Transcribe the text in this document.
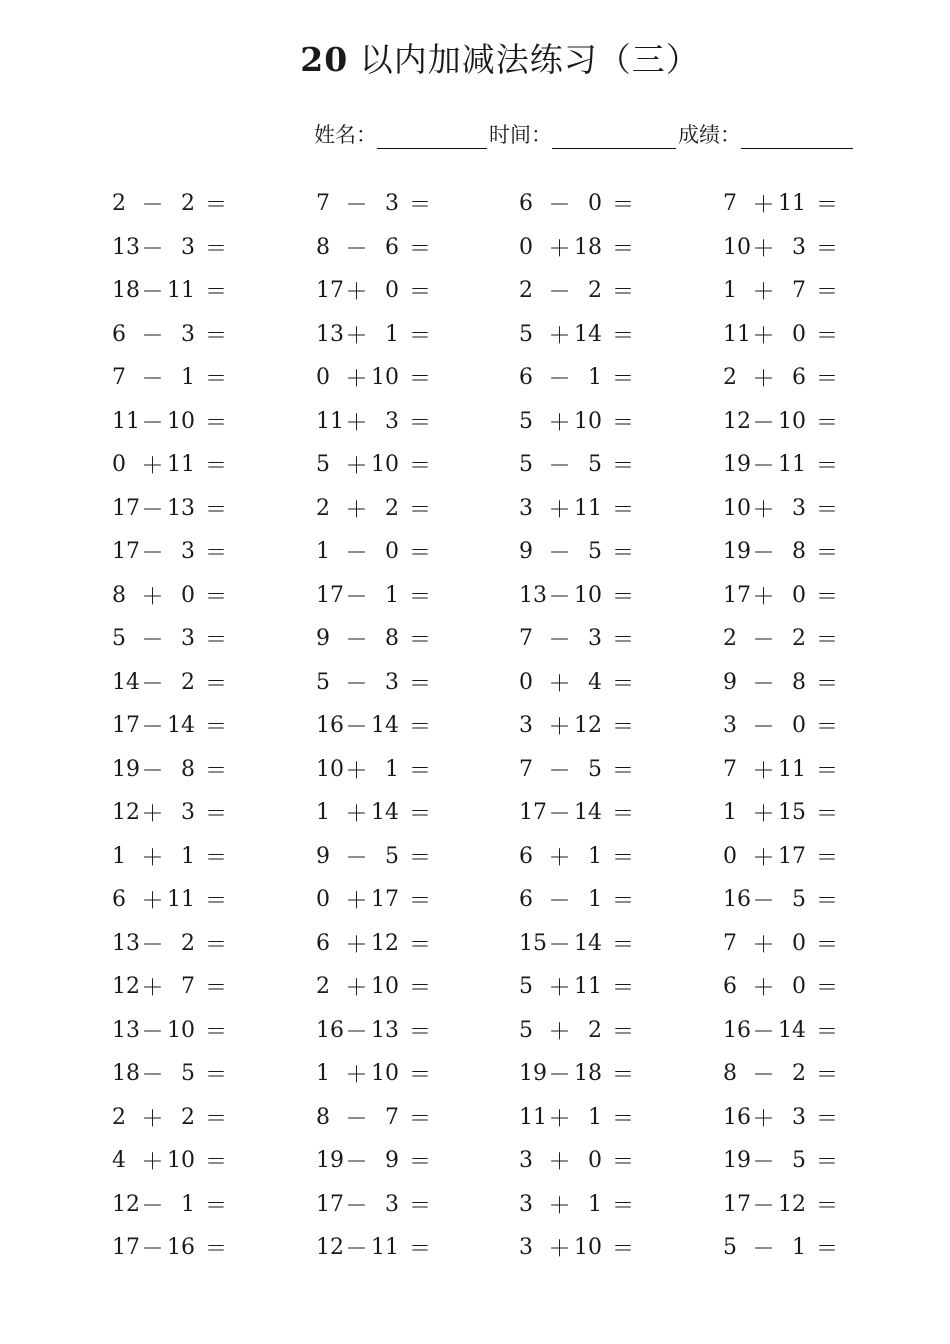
20 以内加减法练习（三）
姓名：	时间：	成绩：
2 － 2 ＝	7 － 3 ＝	6 － 0 ＝	7 ＋ 11 ＝
13 － 3 ＝	8 － 6 ＝	0 ＋ 18 ＝	10 ＋ 3 ＝
18 － 11 ＝	17 ＋ 0 ＝	2 － 2 ＝	1 ＋ 7 ＝
6 － 3 ＝	13 ＋ 1 ＝	5 ＋ 14 ＝	11 ＋ 0 ＝
7 － 1 ＝	0 ＋ 10 ＝	6 － 1 ＝	2 ＋ 6 ＝
11 － 10 ＝	11 ＋ 3 ＝	5 ＋ 10 ＝	12 － 10 ＝
0 ＋ 11 ＝	5 ＋ 10 ＝	5 － 5 ＝	19 － 11 ＝
17 － 13 ＝	2 ＋ 2 ＝	3 ＋ 11 ＝	10 ＋ 3 ＝
17 － 3 ＝	1 － 0 ＝	9 － 5 ＝	19 － 8 ＝
8 ＋ 0 ＝	17 － 1 ＝	13 － 10 ＝	17 ＋ 0 ＝
5 － 3 ＝	9 － 8 ＝	7 － 3 ＝	2 － 2 ＝
14 － 2 ＝	5 － 3 ＝	0 ＋ 4 ＝	9 － 8 ＝
17 － 14 ＝	16 － 14 ＝	3 ＋ 12 ＝	3 － 0 ＝
19 － 8 ＝	10 ＋ 1 ＝	7 － 5 ＝	7 ＋ 11 ＝
12 ＋ 3 ＝	1 ＋ 14 ＝	17 － 14 ＝	1 ＋ 15 ＝
1 ＋ 1 ＝	9 － 5 ＝	6 ＋ 1 ＝	0 ＋ 17 ＝
6 ＋ 11 ＝	0 ＋ 17 ＝	6 － 1 ＝	16 － 5 ＝
13 － 2 ＝	6 ＋ 12 ＝	15 － 14 ＝	7 ＋ 0 ＝
12 ＋ 7 ＝	2 ＋ 10 ＝	5 ＋ 11 ＝	6 ＋ 0 ＝
13 － 10 ＝	16 － 13 ＝	5 ＋ 2 ＝	16 － 14 ＝
18 － 5 ＝	1 ＋ 10 ＝	19 － 18 ＝	8 － 2 ＝
2 ＋ 2 ＝	8 － 7 ＝	11 ＋ 1 ＝	16 ＋ 3 ＝
4 ＋ 10 ＝	19 － 9 ＝	3 ＋ 0 ＝	19 － 5 ＝
12 － 1 ＝	17 － 3 ＝	3 ＋ 1 ＝	17 － 12 ＝
17 － 16 ＝	12 － 11 ＝	3 ＋ 10 ＝	5 － 1 ＝
